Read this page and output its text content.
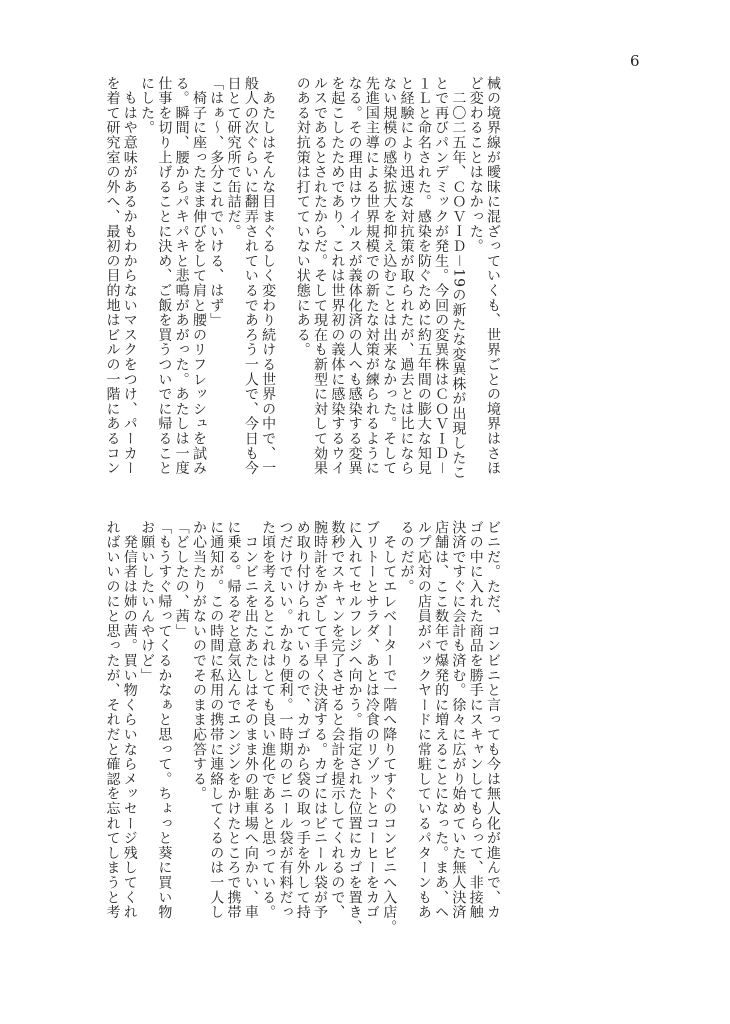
6
械の境界線が曖昧に混ざっていくも、世界ごとの境界はさほ
ど変わることはなかった。
　二〇二五年、ＣＯＶＩＤ－19の新たな変異株が出現したこ
とで再びパンデミックが発生。今回の変異株はＣＯＶＩＤ－
１Ｌと命名された。感染を防ぐために約五年間の膨大な知見
と経験により迅速な対抗策が取られたが、過去とは比になら
ない規模の感染拡大を抑え込むことは出来なかった。そして
先進国主導による世界規模での新たな対策が練られるように
なる。その理由はウイルスが義体化済の人へも感染する変異
を起こしたためであり、これは世界初の義体に感染するウイ
ルスであるとされたからだ。そして現在も新型に対して効果
のある対抗策は打てていない状態にある。

　あたしはそんな目まぐるしく変わり続ける世界の中で、一
般人の次ぐらいに翻弄されているであろう一人で、今日も今
日とて研究所で缶詰だ。
「はぁ～、多分これでいける、はず」
　椅子に座ったまま伸びをして肩と腰のリフレッシュを試み
る。瞬間、腰からパキパキと悲鳴があがった。あたしは一度
仕事を切り上げることに決め、ご飯を買うついでに帰ること
にした。
　もはや意味があるかもわからないマスクをつけ、パーカー
を着て研究室の外へ、最初の目的地はビルの一階にあるコン
ビニだ。ただ、コンビニと言っても今は無人化が進んで、カ
ゴの中に入れた商品を勝手にスキャンしてもらって、非接触
決済ですぐに会計も済む。徐々に広がり始めていた無人決済
店舗は、ここ数年で爆発的に増えることになった。まあ、ヘ
ルプ応対の店員がバックヤードに常駐しているパターンもあ
るのだが。
　そしてエレベーターで一階へ降りてすぐのコンビニへ入店。
ブリトーとサラダ、あとは冷食のリゾットとコーヒーをカゴ
に入れてセルフレジへ向かう。指定された位置にカゴを置き、
数秒でスキャンを完了させると会計を提示してくれるので、
腕時計をかざして手早く決済する。カゴにはビニール袋が予
め取り付けられているので、カゴから袋の取っ手を外して持
つだけでいい。かなり便利。一時期のビニール袋が有料だっ
た頃を考えるとこれはとても良い進化であると思っている。
　コンビニを出たあたしはそのまま外の駐車場へ向かい、車
に乗る。帰るぞと意気込んでエンジンをかけたところで携帯
に通知が。この時間に私用の携帯に連絡してくるのは一人し
か心当たりがないのでそのまま応答する。
「どしたの、茜」
「もうすぐ帰ってくるかなぁと思って。ちょっと葵に買い物
お願いしたいんやけど」
　発信者は姉の茜。買い物くらいならメッセージ残してくれ
ればいいのにと思ったが、それだと確認を忘れてしまうと考
